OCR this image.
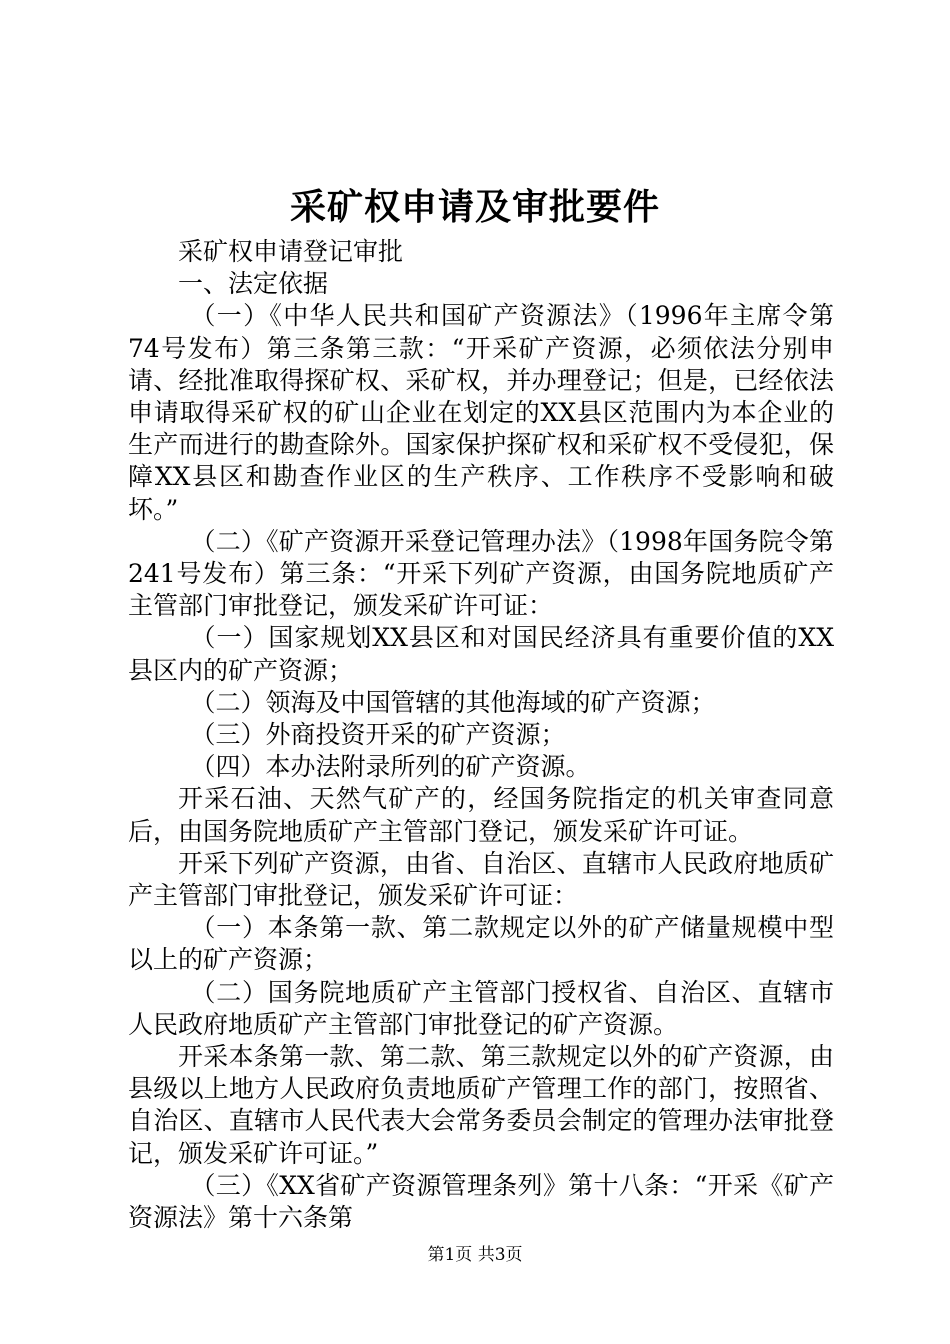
采矿权申请及审批要件

采矿权申请登记审批

一、法定依据

（一）《中华人民共和国矿产资源法》（1996年主席令第74号发布）第三条第三款：“开采矿产资源，必须依法分别申请、经批准取得探矿权、采矿权，并办理登记；但是，已经依法申请取得采矿权的矿山企业在划定的XX县区范围内为本企业的生产而进行的勘查除外。国家保护探矿权和采矿权不受侵犯，保障XX县区和勘查作业区的生产秩序、工作秩序不受影响和破坏。”

（二）《矿产资源开采登记管理办法》（1998年国务院令第241号发布）第三条：“开采下列矿产资源，由国务院地质矿产主管部门审批登记，颁发采矿许可证：

（一）国家规划XX县区和对国民经济具有重要价值的XX县区内的矿产资源；

（二）领海及中国管辖的其他海域的矿产资源；

（三）外商投资开采的矿产资源；

（四）本办法附录所列的矿产资源。

开采石油、天然气矿产的，经国务院指定的机关审查同意后，由国务院地质矿产主管部门登记，颁发采矿许可证。

开采下列矿产资源，由省、自治区、直辖市人民政府地质矿产主管部门审批登记，颁发采矿许可证：

（一）本条第一款、第二款规定以外的矿产储量规模中型以上的矿产资源；

（二）国务院地质矿产主管部门授权省、自治区、直辖市人民政府地质矿产主管部门审批登记的矿产资源。

开采本条第一款、第二款、第三款规定以外的矿产资源，由县级以上地方人民政府负责地质矿产管理工作的部门，按照省、自治区、直辖市人民代表大会常务委员会制定的管理办法审批登记，颁发采矿许可证。”

（三）《XX省矿产资源管理条列》第十八条：“开采《矿产资源法》第十六条第

第1页 共3页
